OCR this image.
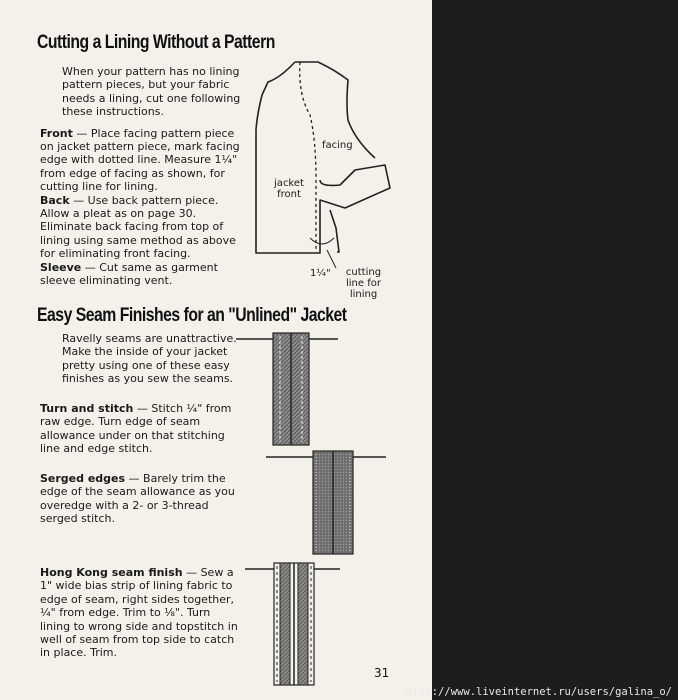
Cutting a Lining Without a Pattern

When your pattern has no lining pattern pieces, but your fabric needs a lining, cut one following these instructions.

Front — Place facing pattern piece on jacket pattern piece, mark facing edge with dotted line. Measure 1¼" from edge of facing as shown, for cutting line for lining.

Back — Use back pattern piece. Allow a pleat as on page 30. Eliminate back facing from top of lining using same method as above for eliminating front facing.

Sleeve — Cut same as garment sleeve eliminating vent.

facing
jacket front
1¼"	cutting line for lining
Easy Seam Finishes for an "Unlined" Jacket

Ravelly seams are unattractive. Make the inside of your jacket pretty using one of these easy finishes as you sew the seams.

Turn and stitch — Stitch ¼" from raw edge. Turn edge of seam allowance under on that stitching line and edge stitch.

Serged edges — Barely trim the edge of the seam allowance as you overedge with a 2- or 3-thread serged stitch.

Hong Kong seam finish — Sew a 1" wide bias strip of lining fabric to edge of seam, right sides together, ¼" from edge. Trim to ⅛". Turn lining to wrong side and topstitch in well of seam from top side to catch in place. Trim.

31
http://www.liveinternet.ru/users/galina_o/
